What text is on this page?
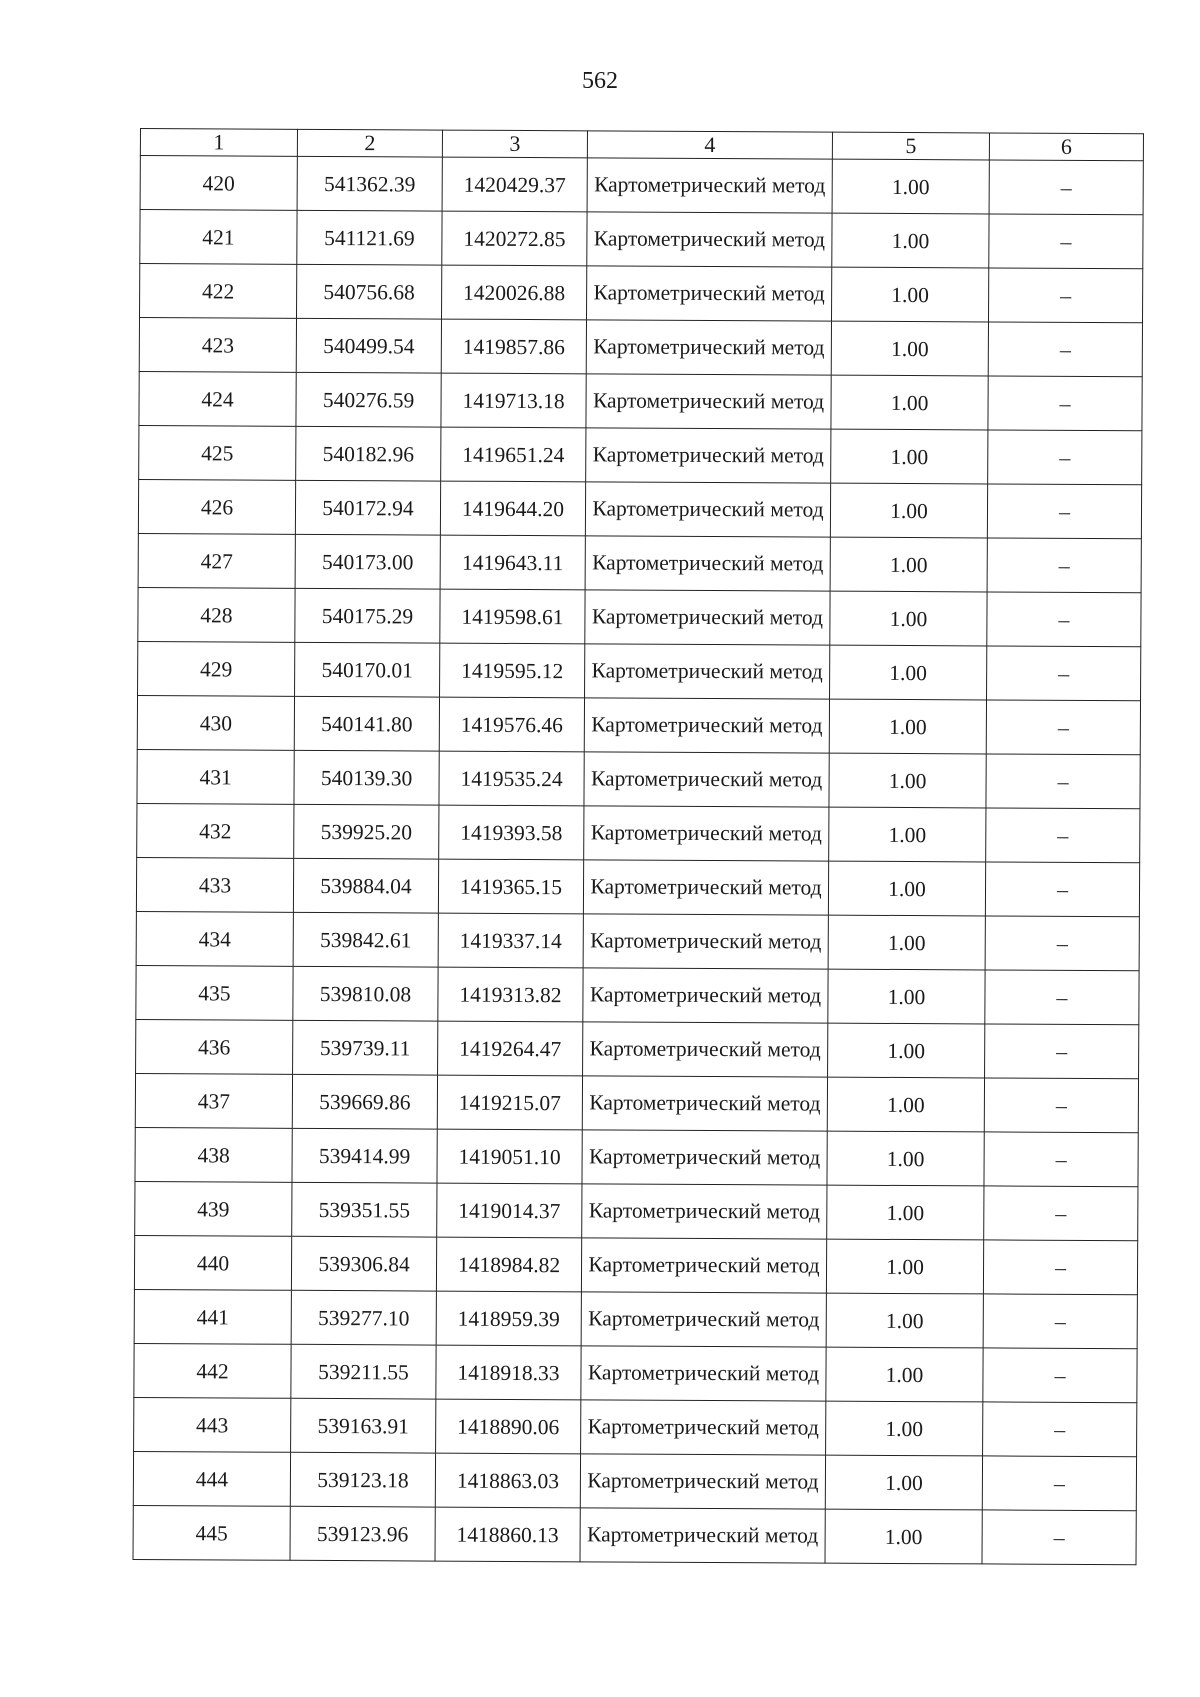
562
1	2	3	4	5	6
420	541362.39	1420429.37	Картометрический метод	1.00	–
421	541121.69	1420272.85	Картометрический метод	1.00	–
422	540756.68	1420026.88	Картометрический метод	1.00	–
423	540499.54	1419857.86	Картометрический метод	1.00	–
424	540276.59	1419713.18	Картометрический метод	1.00	–
425	540182.96	1419651.24	Картометрический метод	1.00	–
426	540172.94	1419644.20	Картометрический метод	1.00	–
427	540173.00	1419643.11	Картометрический метод	1.00	–
428	540175.29	1419598.61	Картометрический метод	1.00	–
429	540170.01	1419595.12	Картометрический метод	1.00	–
430	540141.80	1419576.46	Картометрический метод	1.00	–
431	540139.30	1419535.24	Картометрический метод	1.00	–
432	539925.20	1419393.58	Картометрический метод	1.00	–
433	539884.04	1419365.15	Картометрический метод	1.00	–
434	539842.61	1419337.14	Картометрический метод	1.00	–
435	539810.08	1419313.82	Картометрический метод	1.00	–
436	539739.11	1419264.47	Картометрический метод	1.00	–
437	539669.86	1419215.07	Картометрический метод	1.00	–
438	539414.99	1419051.10	Картометрический метод	1.00	–
439	539351.55	1419014.37	Картометрический метод	1.00	–
440	539306.84	1418984.82	Картометрический метод	1.00	–
441	539277.10	1418959.39	Картометрический метод	1.00	–
442	539211.55	1418918.33	Картометрический метод	1.00	–
443	539163.91	1418890.06	Картометрический метод	1.00	–
444	539123.18	1418863.03	Картометрический метод	1.00	–
445	539123.96	1418860.13	Картометрический метод	1.00	–
